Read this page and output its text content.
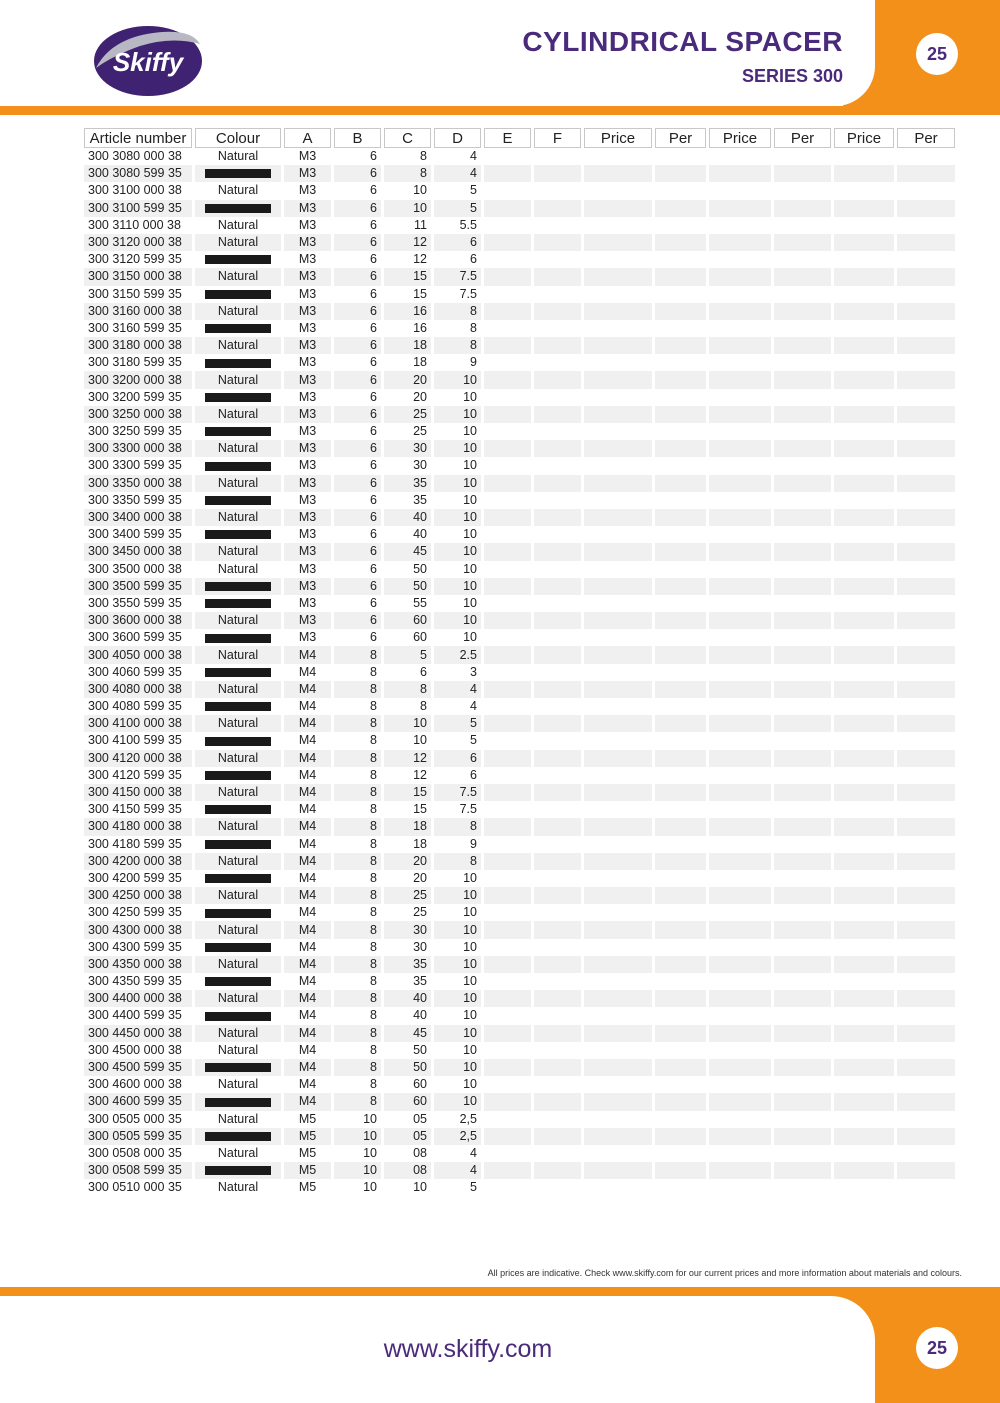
Skiffy
CYLINDRICAL SPACER
SERIES 300
25
Article number	Colour	A	B	C	D	E	F	Price	Per	Price	Per	Price	Per
300 3080 000 38	Natural	M3	6	8	4								
300 3080 599 35		M3	6	8	4								
300 3100 000 38	Natural	M3	6	10	5								
300 3100 599 35		M3	6	10	5								
300 3110 000 38	Natural	M3	6	11	5.5								
300 3120 000 38	Natural	M3	6	12	6								
300 3120 599 35		M3	6	12	6								
300 3150 000 38	Natural	M3	6	15	7.5								
300 3150 599 35		M3	6	15	7.5								
300 3160 000 38	Natural	M3	6	16	8								
300 3160 599 35		M3	6	16	8								
300 3180 000 38	Natural	M3	6	18	8								
300 3180 599 35		M3	6	18	9								
300 3200 000 38	Natural	M3	6	20	10								
300 3200 599 35		M3	6	20	10								
300 3250 000 38	Natural	M3	6	25	10								
300 3250 599 35		M3	6	25	10								
300 3300 000 38	Natural	M3	6	30	10								
300 3300 599 35		M3	6	30	10								
300 3350 000 38	Natural	M3	6	35	10								
300 3350 599 35		M3	6	35	10								
300 3400 000 38	Natural	M3	6	40	10								
300 3400 599 35		M3	6	40	10								
300 3450 000 38	Natural	M3	6	45	10								
300 3500 000 38	Natural	M3	6	50	10								
300 3500 599 35		M3	6	50	10								
300 3550 599 35		M3	6	55	10								
300 3600 000 38	Natural	M3	6	60	10								
300 3600 599 35		M3	6	60	10								
300 4050 000 38	Natural	M4	8	5	2.5								
300 4060 599 35		M4	8	6	3								
300 4080 000 38	Natural	M4	8	8	4								
300 4080 599 35		M4	8	8	4								
300 4100 000 38	Natural	M4	8	10	5								
300 4100 599 35		M4	8	10	5								
300 4120 000 38	Natural	M4	8	12	6								
300 4120 599 35		M4	8	12	6								
300 4150 000 38	Natural	M4	8	15	7.5								
300 4150 599 35		M4	8	15	7.5								
300 4180 000 38	Natural	M4	8	18	8								
300 4180 599 35		M4	8	18	9								
300 4200 000 38	Natural	M4	8	20	8								
300 4200 599 35		M4	8	20	10								
300 4250 000 38	Natural	M4	8	25	10								
300 4250 599 35		M4	8	25	10								
300 4300 000 38	Natural	M4	8	30	10								
300 4300 599 35		M4	8	30	10								
300 4350 000 38	Natural	M4	8	35	10								
300 4350 599 35		M4	8	35	10								
300 4400 000 38	Natural	M4	8	40	10								
300 4400 599 35		M4	8	40	10								
300 4450 000 38	Natural	M4	8	45	10								
300 4500 000 38	Natural	M4	8	50	10								
300 4500 599 35		M4	8	50	10								
300 4600 000 38	Natural	M4	8	60	10								
300 4600 599 35		M4	8	60	10								
300 0505 000 35	Natural	M5	10	05	2,5								
300 0505 599 35		M5	10	05	2,5								
300 0508 000 35	Natural	M5	10	08	4								
300 0508 599 35		M5	10	08	4								
300 0510 000 35	Natural	M5	10	10	5								
All prices are indicative. Check www.skiffy.com for our current prices and more information about materials and colours.
www.skiffy.com	25
